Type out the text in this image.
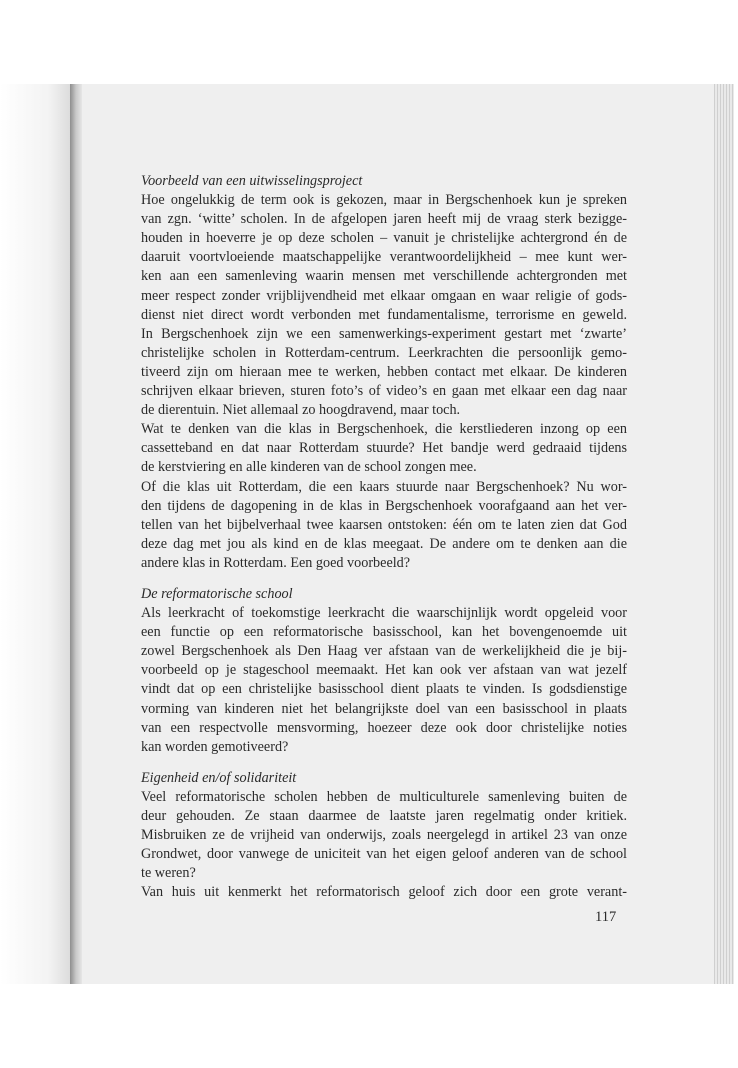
Voorbeeld van een uitwisselingsproject
Hoe ongelukkig de term ook is gekozen, maar in Bergschenhoek kun je spreken
van zgn. ‘witte’ scholen. In de afgelopen jaren heeft mij de vraag sterk bezigge-
houden in hoeverre je op deze scholen – vanuit je christelijke achtergrond én de
daaruit voortvloeiende maatschappelijke verantwoordelijkheid – mee kunt wer-
ken aan een samenleving waarin mensen met verschillende achtergronden met
meer respect zonder vrijblijvendheid met elkaar omgaan en waar religie of gods-
dienst niet direct wordt verbonden met fundamentalisme, terrorisme en geweld.
In Bergschenhoek zijn we een samenwerkings-experiment gestart met ‘zwarte’
christelijke scholen in Rotterdam-centrum. Leerkrachten die persoonlijk gemo-
tiveerd zijn om hieraan mee te werken, hebben contact met elkaar. De kinderen
schrijven elkaar brieven, sturen foto’s of video’s en gaan met elkaar een dag naar
de dierentuin. Niet allemaal zo hoogdravend, maar toch.
Wat te denken van die klas in Bergschenhoek, die kerstliederen inzong op een
cassetteband en dat naar Rotterdam stuurde? Het bandje werd gedraaid tijdens
de kerstviering en alle kinderen van de school zongen mee.
Of die klas uit Rotterdam, die een kaars stuurde naar Bergschenhoek? Nu wor-
den tijdens de dagopening in de klas in Bergschenhoek voorafgaand aan het ver-
tellen van het bijbelverhaal twee kaarsen ontstoken: één om te laten zien dat God
deze dag met jou als kind en de klas meegaat. De andere om te denken aan die
andere klas in Rotterdam. Een goed voorbeeld?
De reformatorische school
Als leerkracht of toekomstige leerkracht die waarschijnlijk wordt opgeleid voor
een functie op een reformatorische basisschool, kan het bovengenoemde uit
zowel Bergschenhoek als Den Haag ver afstaan van de werkelijkheid die je bij-
voorbeeld op je stageschool meemaakt. Het kan ook ver afstaan van wat jezelf
vindt dat op een christelijke basisschool dient plaats te vinden. Is godsdienstige
vorming van kinderen niet het belangrijkste doel van een basisschool in plaats
van een respectvolle mensvorming, hoezeer deze ook door christelijke noties
kan worden gemotiveerd?
Eigenheid en/of solidariteit
Veel reformatorische scholen hebben de multiculturele samenleving buiten de
deur gehouden. Ze staan daarmee de laatste jaren regelmatig onder kritiek.
Misbruiken ze de vrijheid van onderwijs, zoals neergelegd in artikel 23 van onze
Grondwet, door vanwege de uniciteit van het eigen geloof anderen van de school
te weren?
Van huis uit kenmerkt het reformatorisch geloof zich door een grote verant-
117
